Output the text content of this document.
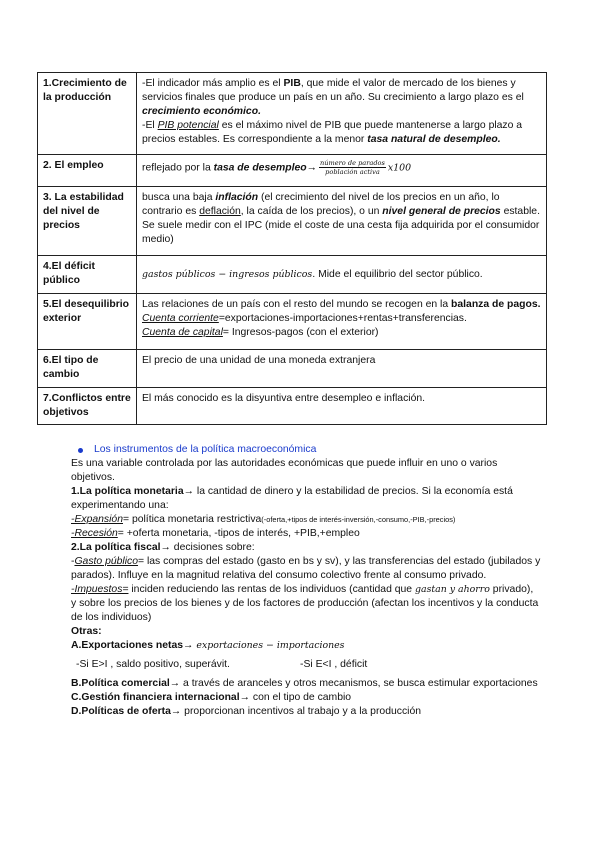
1.Crecimiento de la producción	-El indicador más amplio es el PIB, que mide el valor de mercado de los bienes y servicios finales que produce un país en un año. Su crecimiento a largo plazo es el crecimiento económico.
-El PIB potencial es el máximo nivel de PIB que puede mantenerse a largo plazo a precios estables. Es correspondiente a la menor tasa natural de desempleo.
2. El empleo	reflejado por la tasa de desempleo→ $\frac{\text{número de parados}}{\text{población activa}} x100$
3. La estabilidad del nivel de precios	busca una baja inflación (el crecimiento del nivel de los precios en un año, lo contrario es deflación, la caída de los precios), o un nivel general de precios estable. Se suele medir con el IPC (mide el coste de una cesta fija adquirida por el consumidor medio)
4.El déficit público	gastos públicos − ingresos públicos. Mide el equilibrio del sector público.
5.El desequilibrio exterior	Las relaciones de un país con el resto del mundo se recogen en la balanza de pagos. Cuenta corriente=exportaciones-importaciones+rentas+transferencias.
Cuenta de capital= Ingresos-pagos (con el exterior)
6.El tipo de cambio	El precio de una unidad de una moneda extranjera
7.Conflictos entre objetivos	El más conocido es la disyuntiva entre desempleo e inflación.

Los instrumentos de la política macroeconómica

Es una variable controlada por las autoridades económicas que puede influir en uno o varios objetivos.

1.La política monetaria→ la cantidad de dinero y la estabilidad de precios. Si la economía está experimentando una:

-Expansión= política monetaria restrictiva(-oferta,+tipos de interés-inversión,-consumo,-PIB,-precios)

-Recesión= +oferta monetaria, -tipos de interés, +PIB,+empleo

2.La política fiscal→ decisiones sobre:

-Gasto público= las compras del estado (gasto en bs y sv), y las transferencias del estado (jubilados y parados). Influye en la magnitud relativa del consumo colectivo frente al consumo privado.

-Impuestos= inciden reduciendo las rentas de los individuos (cantidad que gastan y ahorro privado), y sobre los precios de los bienes y de los factores de producción (afectan los incentivos y la conducta de los individuos)

Otras:

A.Exportaciones netas→ exportaciones − importaciones

-Si E>I , saldo positivo, superávit.	-Si E<I , déficit

B.Política comercial→ a través de aranceles y otros mecanismos, se busca estimular exportaciones

C.Gestión financiera internacional→ con el tipo de cambio

D.Políticas de oferta→ proporcionan incentivos al trabajo y a la producción
